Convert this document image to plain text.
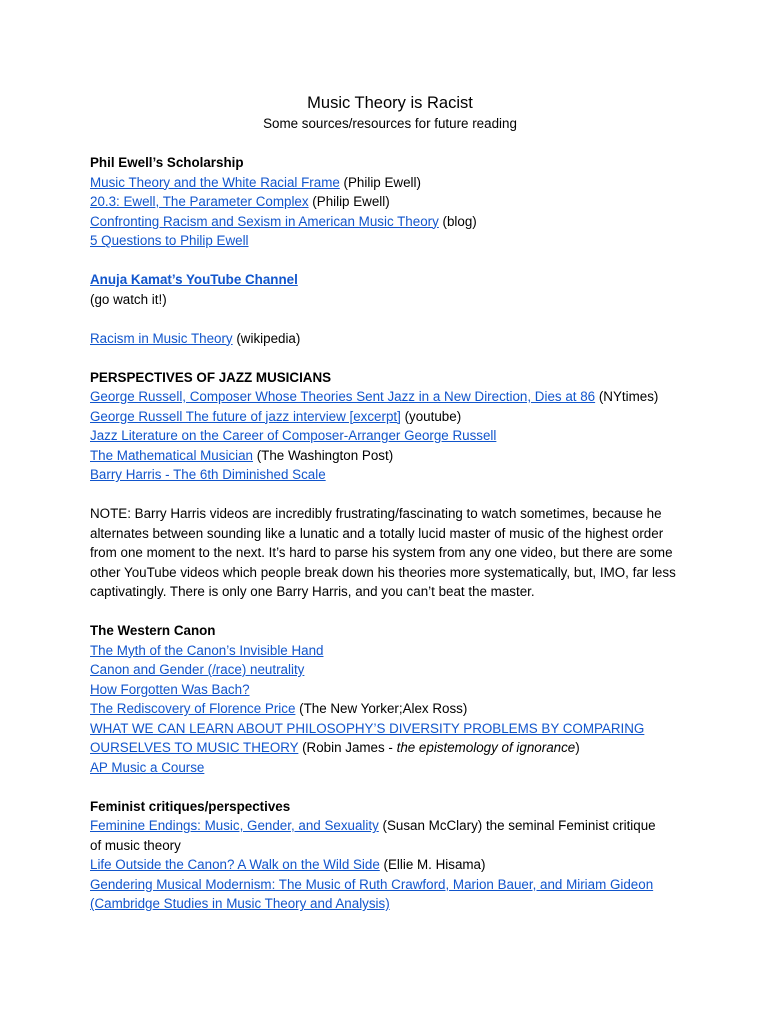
Music Theory is Racist

Some sources/resources for future reading

Phil Ewell’s Scholarship

Music Theory and the White Racial Frame (Philip Ewell)

20.3: Ewell, The Parameter Complex (Philip Ewell)

Confronting Racism and Sexism in American Music Theory (blog)

5 Questions to Philip Ewell

Anuja Kamat’s YouTube Channel

(go watch it!)

Racism in Music Theory (wikipedia)

PERSPECTIVES OF JAZZ MUSICIANS

George Russell, Composer Whose Theories Sent Jazz in a New Direction, Dies at 86 (NYtimes)

George Russell The future of jazz interview [excerpt] (youtube)

Jazz Literature on the Career of Composer-Arranger George Russell

The Mathematical Musician (The Washington Post)

Barry Harris - The 6th Diminished Scale

NOTE: Barry Harris videos are incredibly frustrating/fascinating to watch sometimes, because he alternates between sounding like a lunatic and a totally lucid master of music of the highest order from one moment to the next. It’s hard to parse his system from any one video, but there are some other YouTube videos which people break down his theories more systematically, but, IMO, far less captivatingly. There is only one Barry Harris, and you can’t beat the master.

The Western Canon

The Myth of the Canon’s Invisible Hand

Canon and Gender (/race) neutrality

How Forgotten Was Bach?

The Rediscovery of Florence Price (The New Yorker;Alex Ross)

WHAT WE CAN LEARN ABOUT PHILOSOPHY’S DIVERSITY PROBLEMS BY COMPARING

OURSELVES TO MUSIC THEORY (Robin James - the epistemology of ignorance)

AP Music a Course

Feminist critiques/perspectives

Feminine Endings: Music, Gender, and Sexuality (Susan McClary) the seminal Feminist critique

of music theory

Life Outside the Canon? A Walk on the Wild Side (Ellie M. Hisama)

Gendering Musical Modernism: The Music of Ruth Crawford, Marion Bauer, and Miriam Gideon

(Cambridge Studies in Music Theory and Analysis)
